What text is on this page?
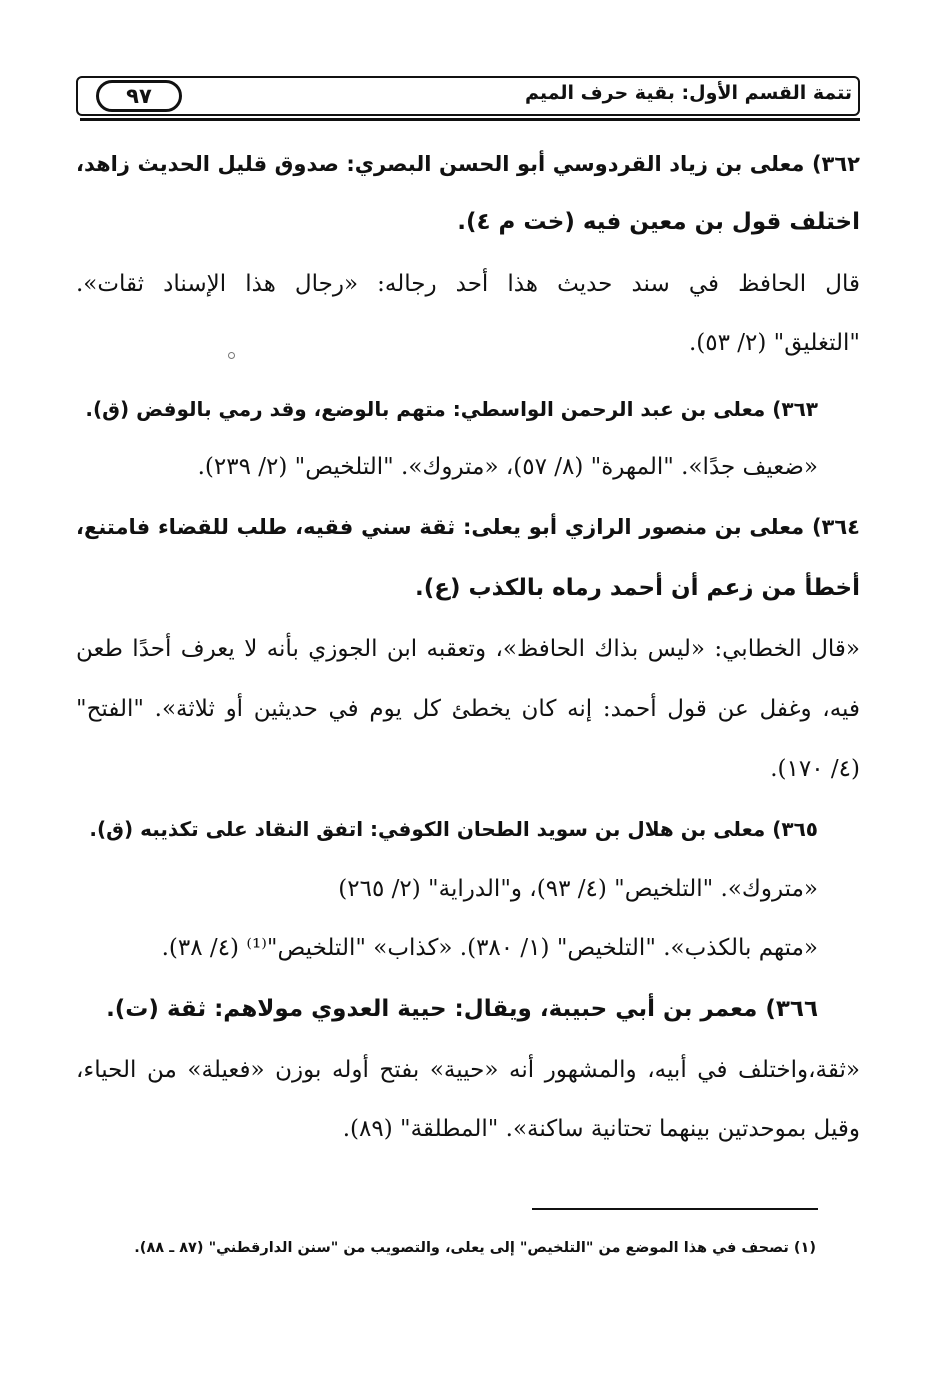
٩٧	تتمة القسم الأول: بقية حرف الميم
٣٦٢) معلى بن زياد القردوسي أبو الحسن البصري: صدوق قليل الحديث زاهد،
اختلف قول بن معين فيه (خت م ٤).
قال الحافظ في سند حديث هذا أحد رجاله: «رجال هذا الإسناد ثقات».
"التغليق" (٢/ ٥٣).
٣٦٣) معلى بن عبد الرحمن الواسطي: متهم بالوضع، وقد رمي بالوفض (ق).
«ضعيف جدًا». "المهرة" (٨/ ٥٧)، «متروك». "التلخيص" (٢/ ٢٣٩).
٣٦٤) معلى بن منصور الرازي أبو يعلى: ثقة سني فقيه، طلب للقضاء فامتنع،
أخطأ من زعم أن أحمد رماه بالكذب (ع).
«قال الخطابي: «ليس بذاك الحافظ»، وتعقبه ابن الجوزي بأنه لا يعرف أحدًا طعن
فيه، وغفل عن قول أحمد: إنه كان يخطئ كل يوم في حديثين أو ثلاثة». "الفتح"
(٤/ ١٧٠).
٣٦٥) معلى بن هلال بن سويد الطحان الكوفي: اتفق النقاد على تكذيبه (ق).
«متروك». "التلخيص" (٤/ ٩٣)، و"الدراية" (٢/ ٢٦٥)
«متهم بالكذب». "التلخيص" (١/ ٣٨٠). «كذاب» "التلخيص"⁽¹⁾ (٤/ ٣٨).
٣٦٦) معمر بن أبي حبيبة، ويقال: حيية العدوي مولاهم: ثقة (ت).
«ثقة،واختلف في أبيه، والمشهور أنه «حيية» بفتح أوله بوزن «فعيلة» من الحياء،
وقيل بموحدتين بينهما تحتانية ساكنة». "المطلقة" (٨٩).
(١) تصحف في هذا الموضع من "التلخيص" إلى يعلى، والتصويب من "سنن الدارقطني" (٨٧ ـ ٨٨).
